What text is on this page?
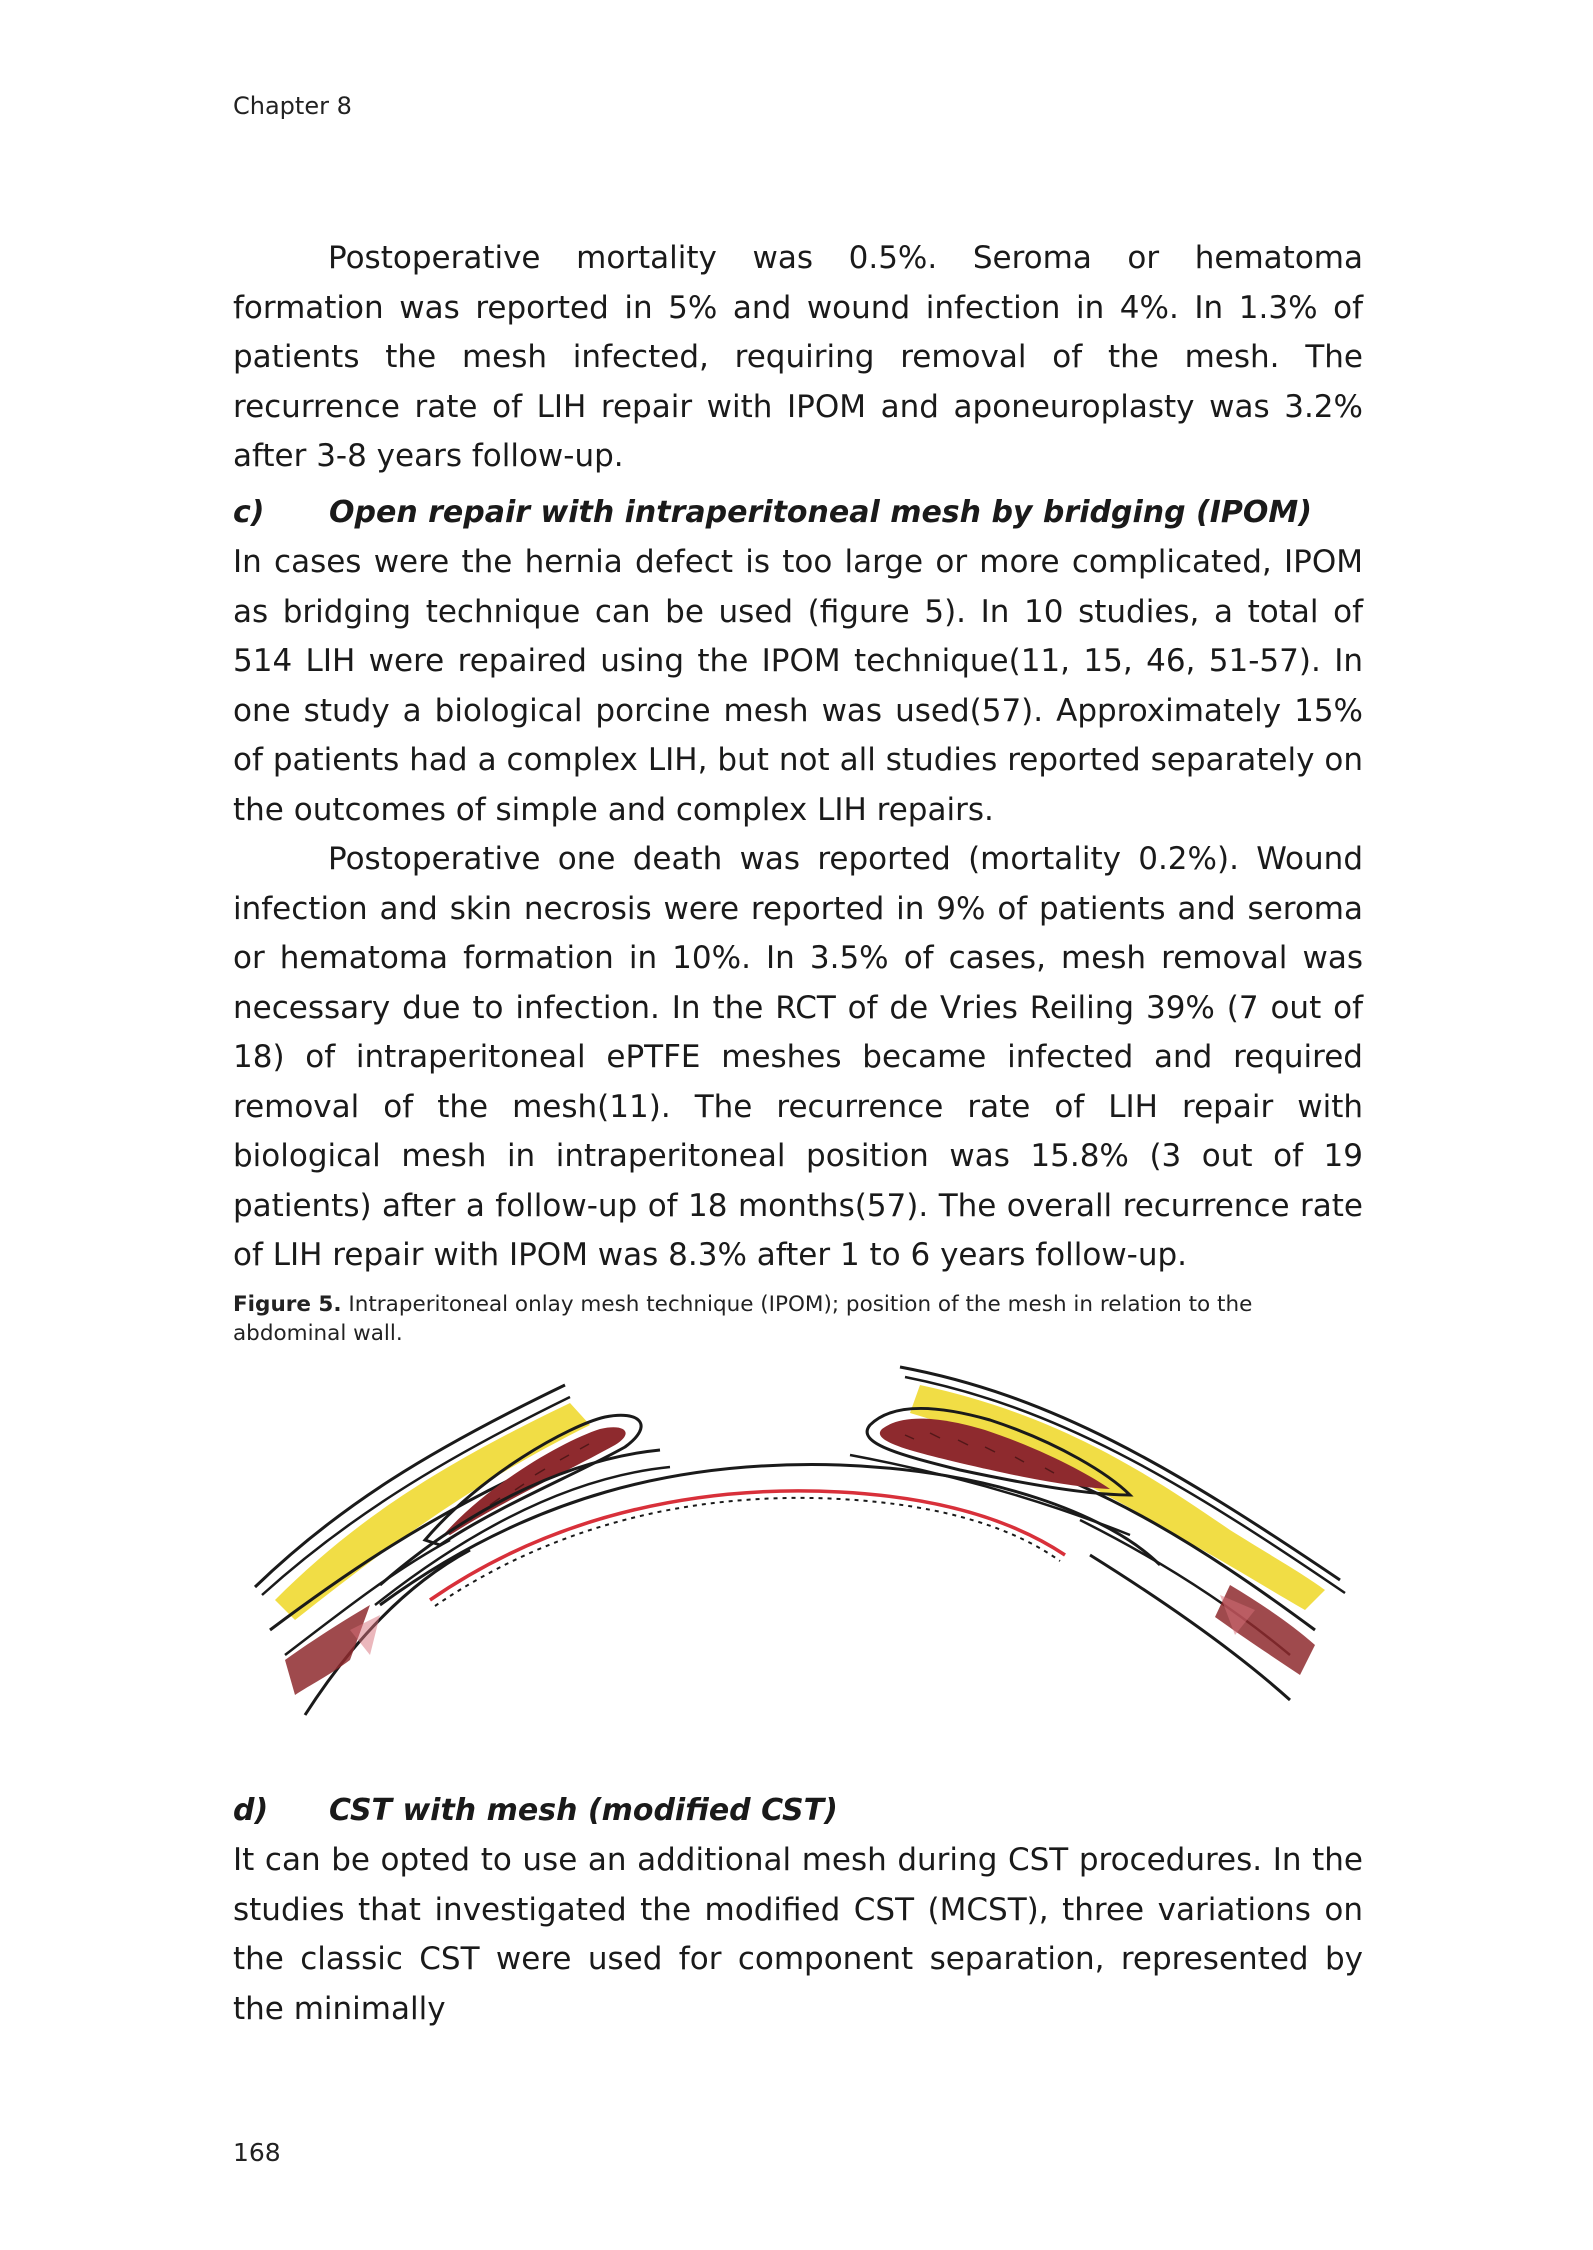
Chapter 8

Postoperative mortality was 0.5%. Seroma or hematoma formation was reported in 5% and wound infection in 4%. In 1.3% of patients the mesh infected, requiring removal of the mesh. The recurrence rate of LIH repair with IPOM and aponeuroplasty was 3.2% after 3-8 years follow-up.

c)	Open repair with intraperitoneal mesh by bridging (IPOM)

In cases were the hernia defect is too large or more complicated, IPOM as bridging technique can be used (figure 5). In 10 studies, a total of 514 LIH were repaired using the IPOM technique(11, 15, 46, 51-57). In one study a biological porcine mesh was used(57). Approximately 15% of patients had a complex LIH, but not all studies reported separately on the outcomes of simple and complex LIH repairs.

Postoperative one death was reported (mortality 0.2%). Wound infection and skin necrosis were reported in 9% of patients and seroma or hematoma formation in 10%. In 3.5% of cases, mesh removal was necessary due to infection. In the RCT of de Vries Reiling 39% (7 out of 18) of intraperitoneal ePTFE meshes became infected and required removal of the mesh(11). The recurrence rate of LIH repair with biological mesh in intraperitoneal position was 15.8% (3 out of 19 patients) after a follow-up of 18 months(57). The overall recurrence rate of LIH repair with IPOM was 8.3% after 1 to 6 years follow-up.

Figure 5. Intraperitoneal onlay mesh technique (IPOM); position of the mesh in relation to the abdominal wall.

d)	CST with mesh (modified CST)

It can be opted to use an additional mesh during CST procedures. In the studies that investigated the modified CST (MCST), three variations on the classic CST were used for component separation, represented by the minimally

168
